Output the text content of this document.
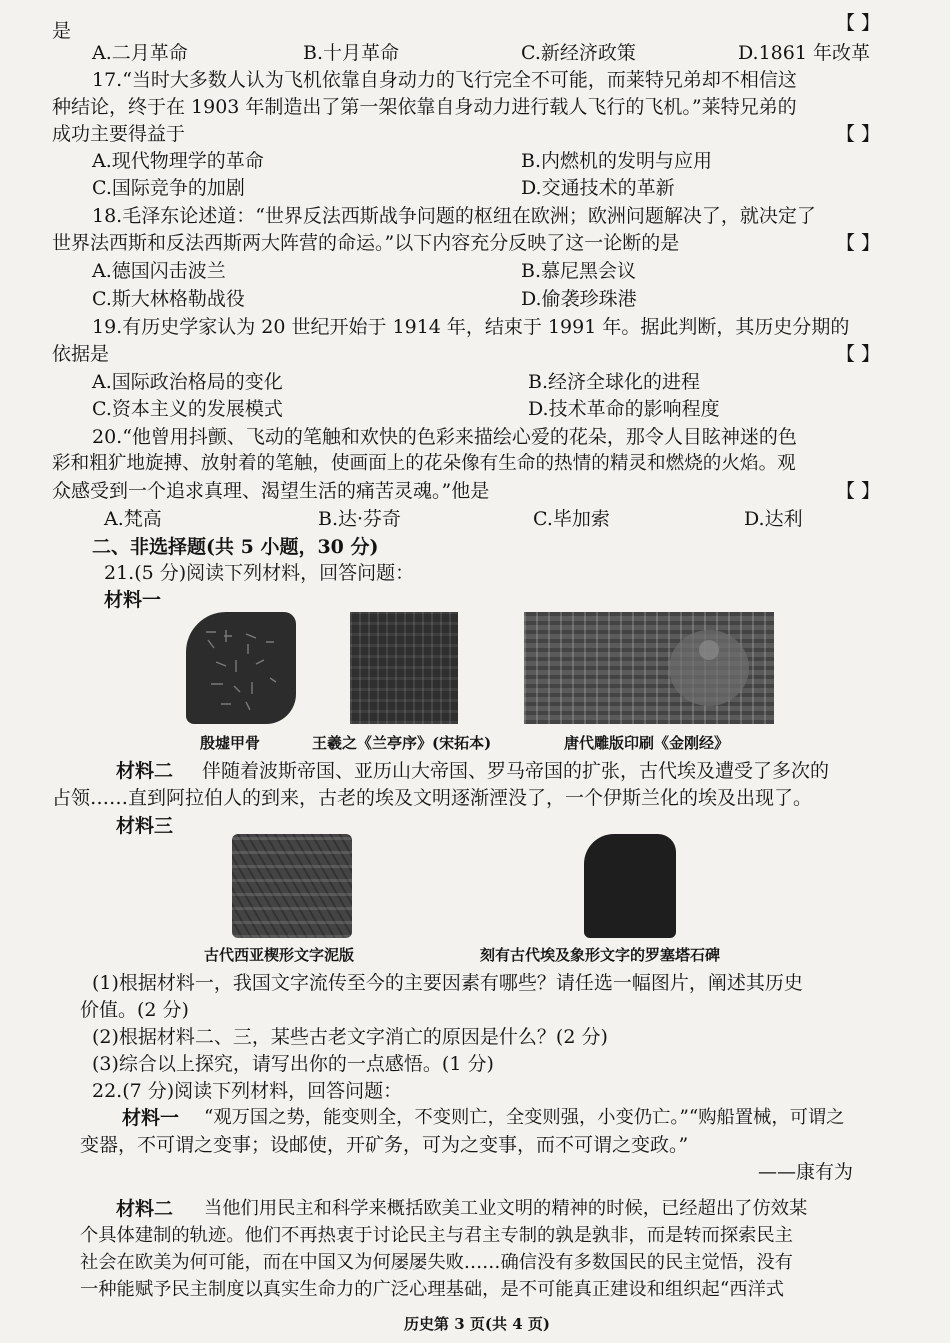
是	【 】
A.二月革命	B.十月革命	C.新经济政策	D.1861 年改革
17.“当时大多数人认为飞机依靠自身动力的飞行完全不可能，而莱特兄弟却不相信这
种结论，终于在 1903 年制造出了第一架依靠自身动力进行载人飞行的飞机。”莱特兄弟的
成功主要得益于	【 】
A.现代物理学的革命	B.内燃机的发明与应用
C.国际竞争的加剧	D.交通技术的革新
18.毛泽东论述道：“世界反法西斯战争问题的枢纽在欧洲；欧洲问题解决了，就决定了
世界法西斯和反法西斯两大阵营的命运。”以下内容充分反映了这一论断的是	【 】
A.德国闪击波兰	B.慕尼黑会议
C.斯大林格勒战役	D.偷袭珍珠港
19.有历史学家认为 20 世纪开始于 1914 年，结束于 1991 年。据此判断，其历史分期的
依据是	【 】
A.国际政治格局的变化	B.经济全球化的进程
C.资本主义的发展模式	D.技术革命的影响程度
20.“他曾用抖颤、飞动的笔触和欢快的色彩来描绘心爱的花朵，那令人目眩神迷的色
彩和粗犷地旋搏、放射着的笔触，使画面上的花朵像有生命的热情的精灵和燃烧的火焰。观
众感受到一个追求真理、渴望生活的痛苦灵魂。”他是	【 】
A.梵高	B.达·芬奇	C.毕加索	D.达利
二、非选择题(共 5 小题，30 分)
21.(5 分)阅读下列材料，回答问题：
材料一
殷墟甲骨	王羲之《兰亭序》(宋拓本)	唐代雕版印刷《金刚经》
材料二 伴随着波斯帝国、亚历山大帝国、罗马帝国的扩张，古代埃及遭受了多次的
占领……直到阿拉伯人的到来，古老的埃及文明逐渐湮没了，一个伊斯兰化的埃及出现了。
材料三
古代西亚楔形文字泥版	刻有古代埃及象形文字的罗塞塔石碑
(1)根据材料一，我国文字流传至今的主要因素有哪些？请任选一幅图片，阐述其历史
价值。(2 分)
(2)根据材料二、三，某些古老文字消亡的原因是什么？(2 分)
(3)综合以上探究，请写出你的一点感悟。(1 分)
22.(7 分)阅读下列材料，回答问题：
材料一 “观万国之势，能变则全，不变则亡，全变则强，小变仍亡。”“购船置械，可谓之
变器，不可谓之变事；设邮使，开矿务，可为之变事，而不可谓之变政。”
——康有为
材料二 当他们用民主和科学来概括欧美工业文明的精神的时候，已经超出了仿效某
个具体建制的轨迹。他们不再热衷于讨论民主与君主专制的孰是孰非，而是转而探索民主
社会在欧美为何可能，而在中国又为何屡屡失败……确信没有多数国民的民主觉悟，没有
一种能赋予民主制度以真实生命力的广泛心理基础，是不可能真正建设和组织起“西洋式
历史第 3 页(共 4 页)
